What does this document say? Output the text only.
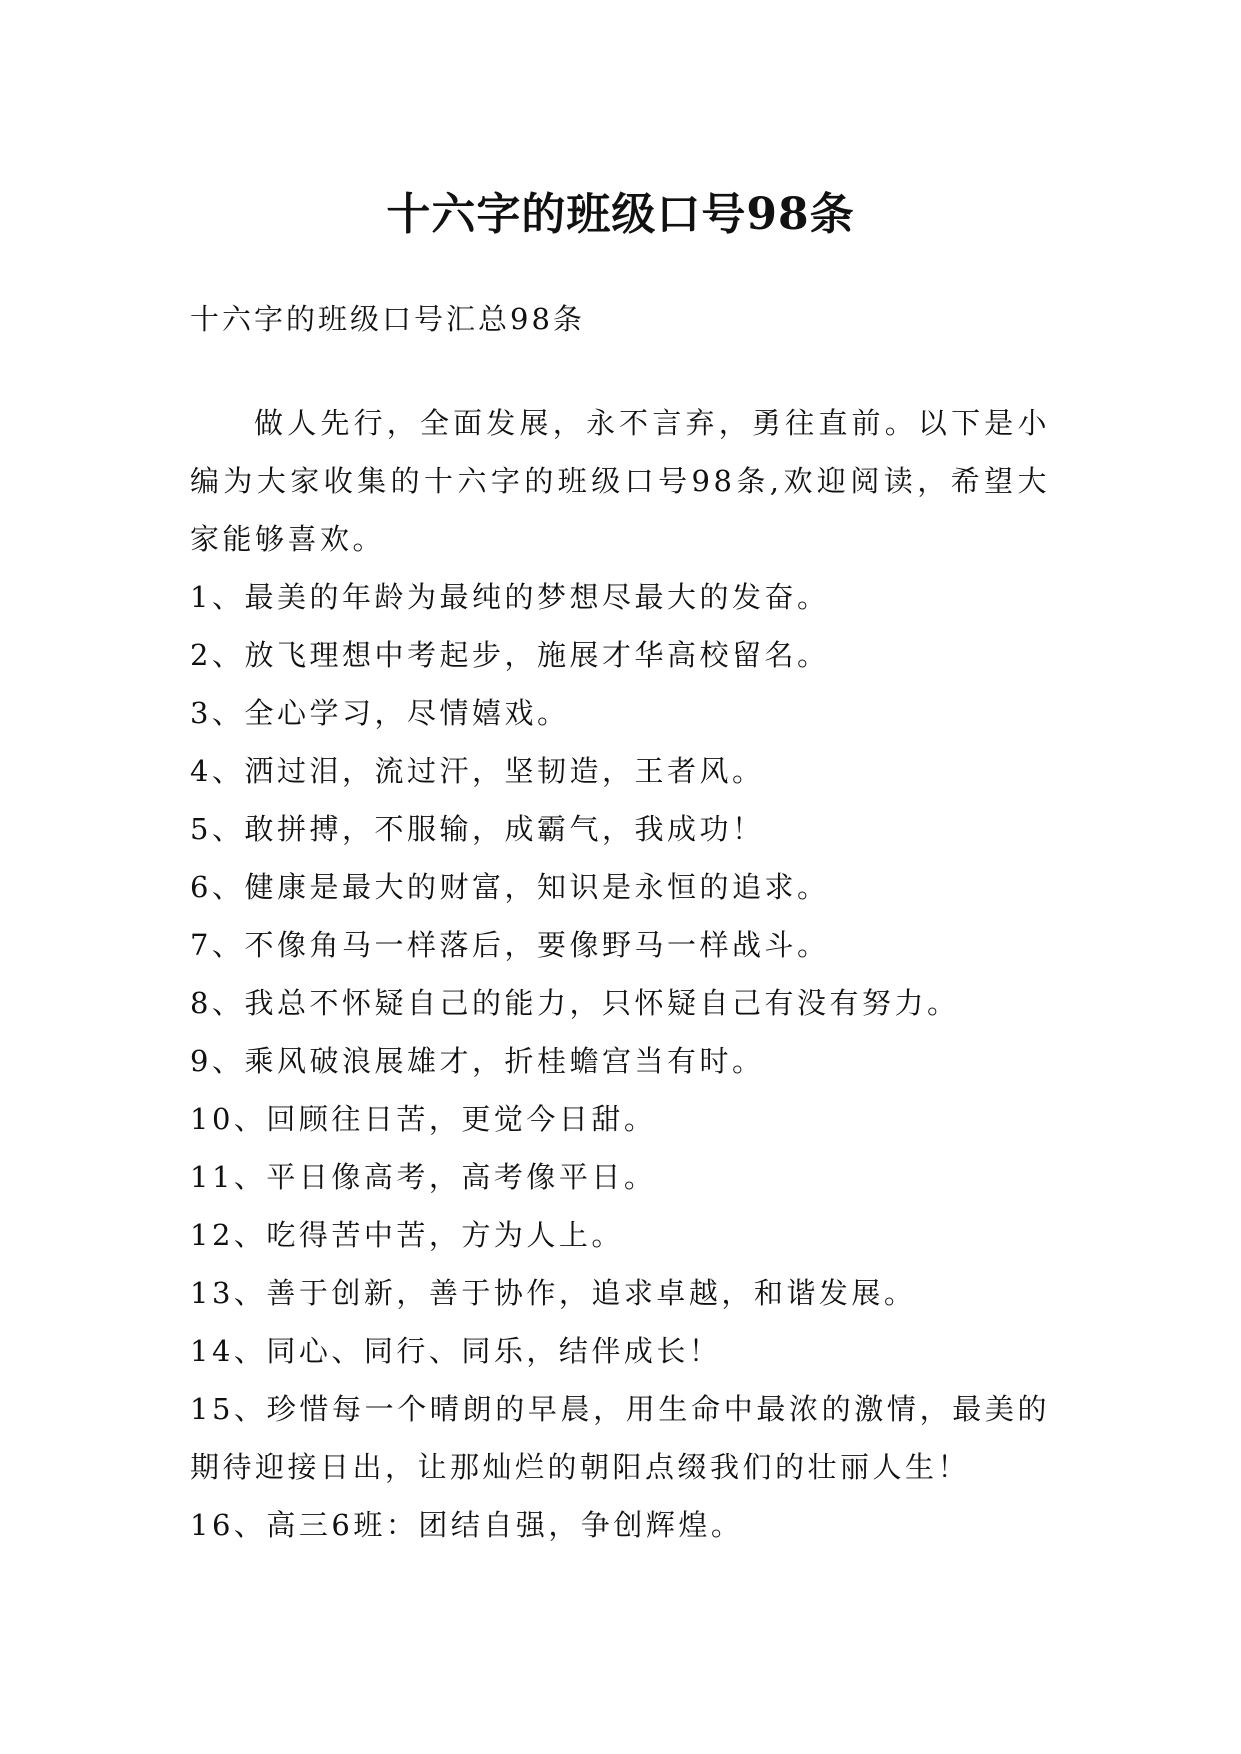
十六字的班级口号98条

十六字的班级口号汇总98条

做人先行，全面发展，永不言弃，勇往直前。以下是小编为大家收集的十六字的班级口号98条,欢迎阅读，希望大家能够喜欢。

1、最美的年龄为最纯的梦想尽最大的发奋。
2、放飞理想中考起步，施展才华高校留名。
3、全心学习，尽情嬉戏。
4、洒过泪，流过汗，坚韧造，王者风。
5、敢拼搏，不服输，成霸气，我成功！
6、健康是最大的财富，知识是永恒的追求。
7、不像角马一样落后，要像野马一样战斗。
8、我总不怀疑自己的能力，只怀疑自己有没有努力。
9、乘风破浪展雄才，折桂蟾宫当有时。
10、回顾往日苦，更觉今日甜。
11、平日像高考，高考像平日。
12、吃得苦中苦，方为人上。
13、善于创新，善于协作，追求卓越，和谐发展。
14、同心、同行、同乐，结伴成长！
15、珍惜每一个晴朗的早晨，用生命中最浓的激情，最美的期待迎接日出，让那灿烂的朝阳点缀我们的壮丽人生！
16、高三6班：团结自强，争创辉煌。
